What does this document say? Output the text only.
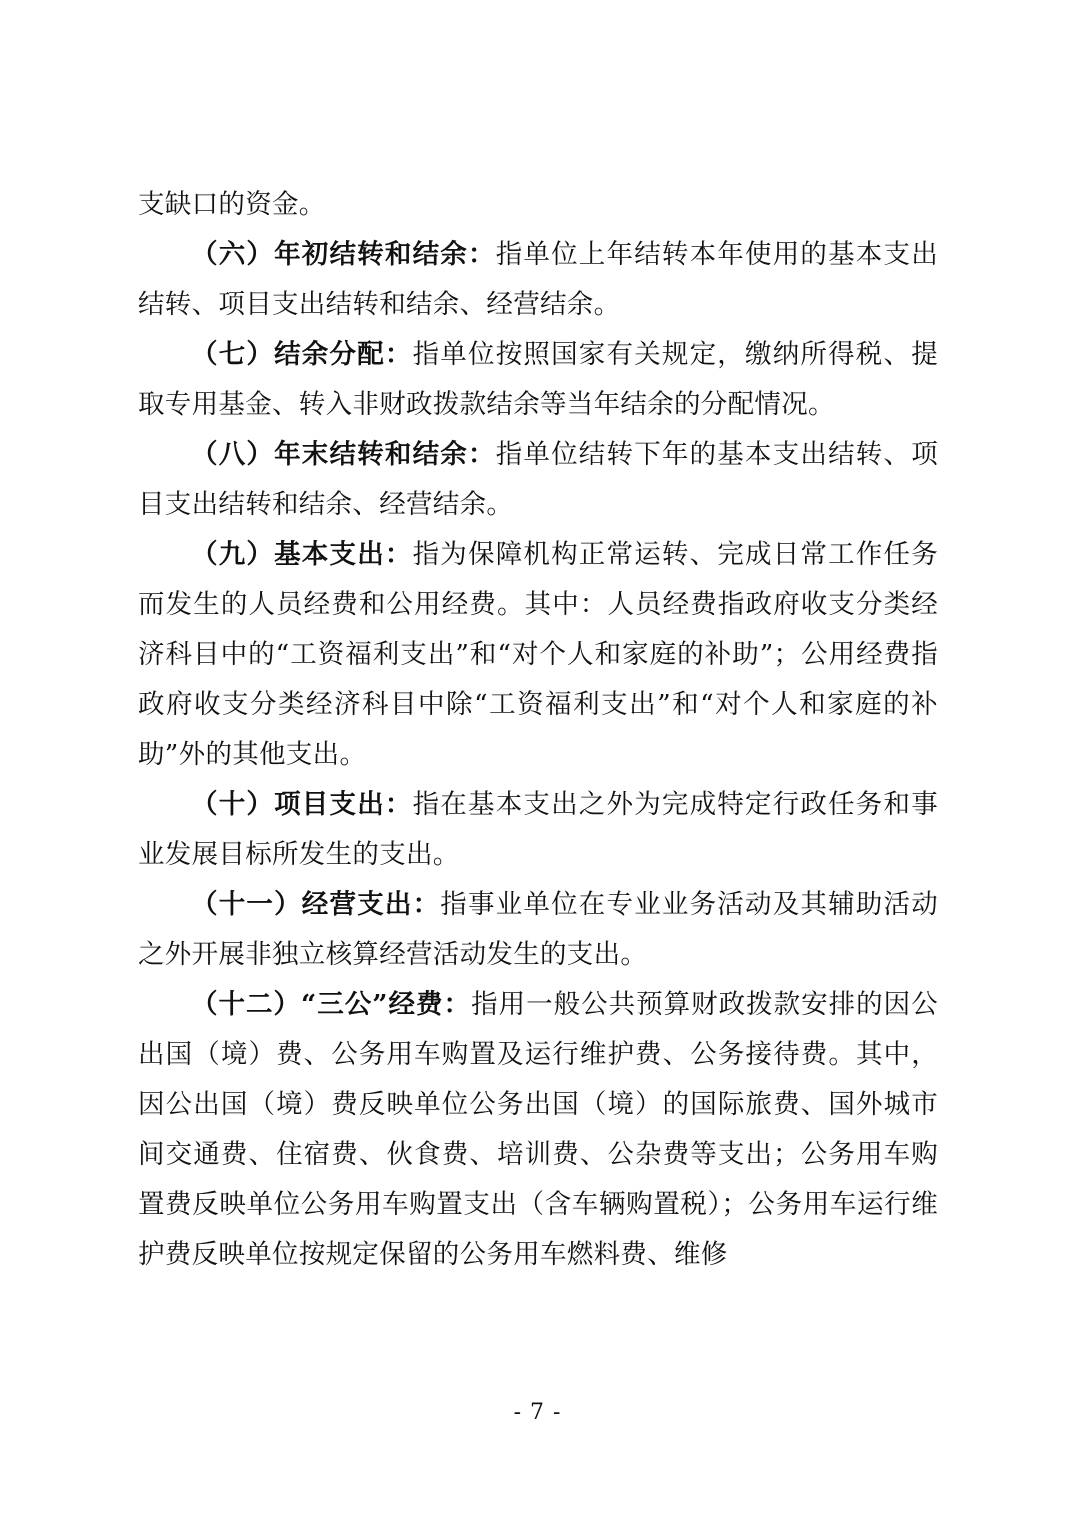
支缺口的资金。

（六）年初结转和结余：指单位上年结转本年使用的基本支出结转、项目支出结转和结余、经营结余。

（七）结余分配：指单位按照国家有关规定，缴纳所得税、提取专用基金、转入非财政拨款结余等当年结余的分配情况。

（八）年末结转和结余：指单位结转下年的基本支出结转、项目支出结转和结余、经营结余。

（九）基本支出：指为保障机构正常运转、完成日常工作任务而发生的人员经费和公用经费。其中：人员经费指政府收支分类经济科目中的“工资福利支出”和“对个人和家庭的补助”；公用经费指政府收支分类经济科目中除“工资福利支出”和“对个人和家庭的补助”外的其他支出。

（十）项目支出：指在基本支出之外为完成特定行政任务和事业发展目标所发生的支出。

（十一）经营支出：指事业单位在专业业务活动及其辅助活动之外开展非独立核算经营活动发生的支出。

（十二）“三公”经费：指用一般公共预算财政拨款安排的因公出国（境）费、公务用车购置及运行维护费、公务接待费。其中，因公出国（境）费反映单位公务出国（境）的国际旅费、国外城市间交通费、住宿费、伙食费、培训费、公杂费等支出；公务用车购置费反映单位公务用车购置支出（含车辆购置税）；公务用车运行维护费反映单位按规定保留的公务用车燃料费、维修

- 7 -
